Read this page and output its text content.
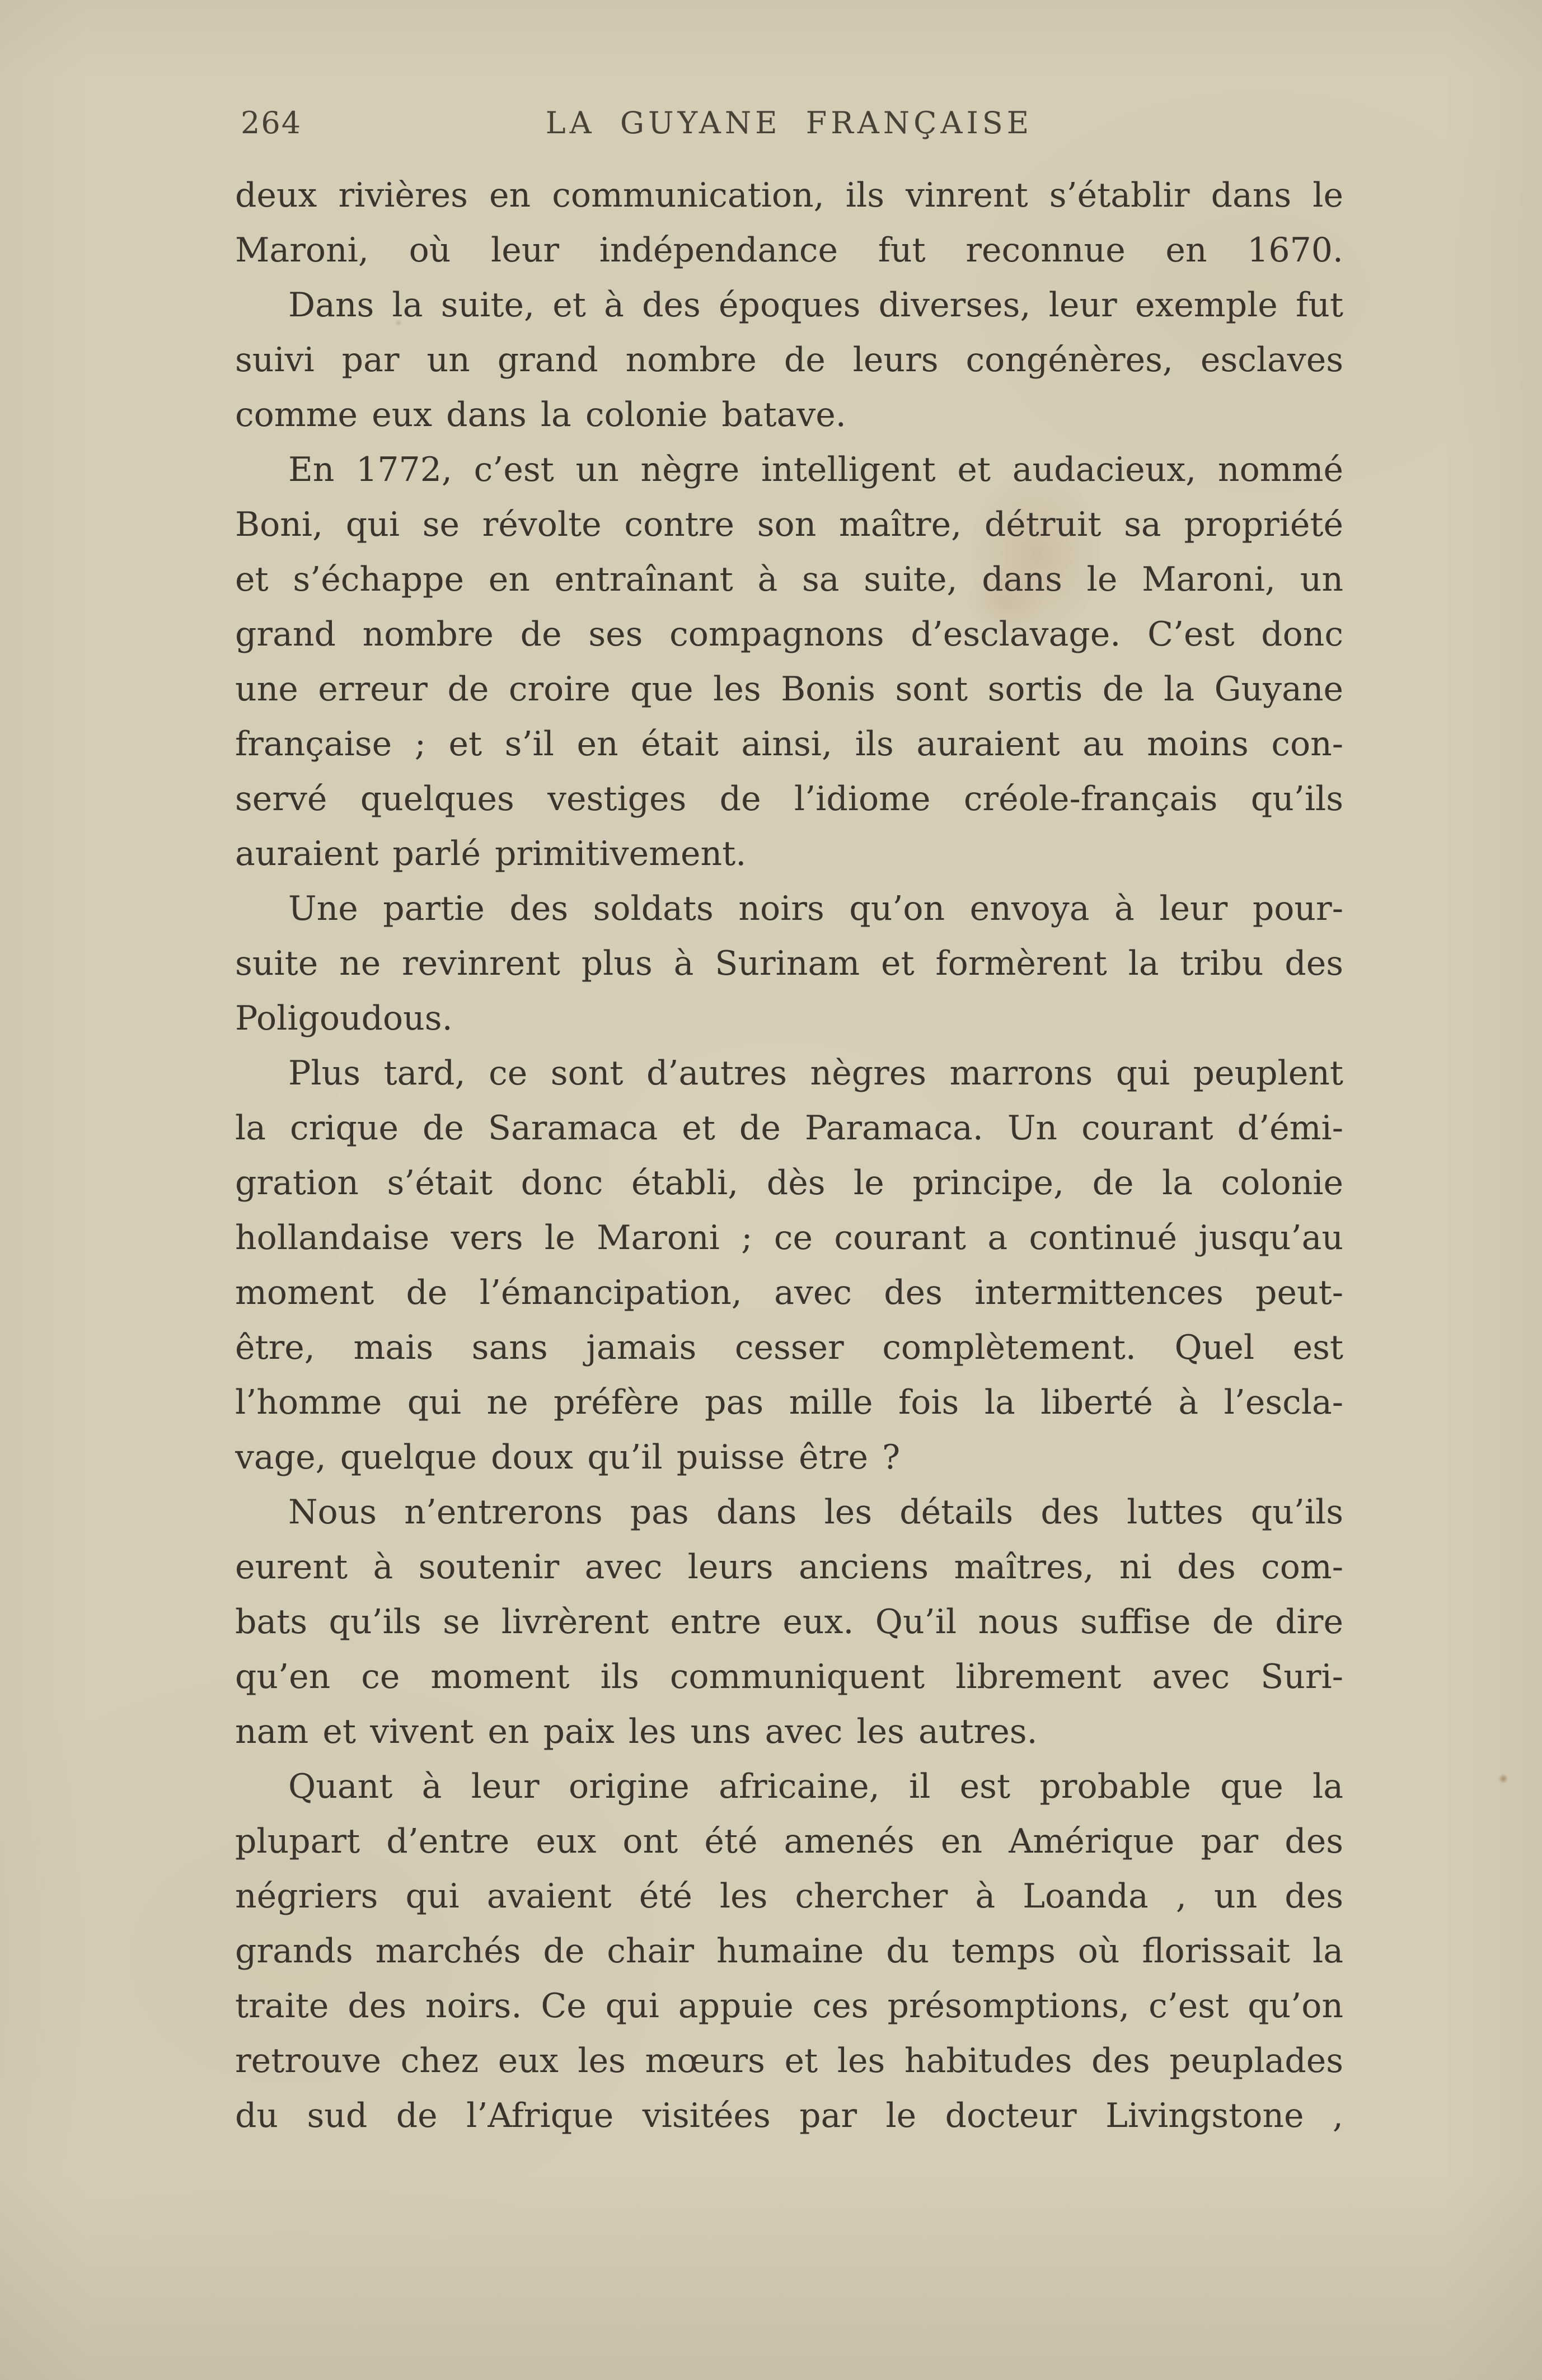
264	LA GUYANE FRANÇAISE
deux rivières en communication, ils vinrent s’établir dans le
Maroni, où leur indépendance fut reconnue en 1670.
Dans la suite, et à des époques diverses, leur exemple fut
suivi par un grand nombre de leurs congénères, esclaves
comme eux dans la colonie batave.
En 1772, c’est un nègre intelligent et audacieux, nommé
Boni, qui se révolte contre son maître, détruit sa propriété
et s’échappe en entraînant à sa suite, dans le Maroni, un
grand nombre de ses compagnons d’esclavage. C’est donc
une erreur de croire que les Bonis sont sortis de la Guyane
française ; et s’il en était ainsi, ils auraient au moins con-
servé quelques vestiges de l’idiome créole-français qu’ils
auraient parlé primitivement.
Une partie des soldats noirs qu’on envoya à leur pour-
suite ne revinrent plus à Surinam et formèrent la tribu des
Poligoudous.
Plus tard, ce sont d’autres nègres marrons qui peuplent
la crique de Saramaca et de Paramaca. Un courant d’émi-
gration s’était donc établi, dès le principe, de la colonie
hollandaise vers le Maroni ; ce courant a continué jusqu’au
moment de l’émancipation, avec des intermittences peut-
être, mais sans jamais cesser complètement. Quel est
l’homme qui ne préfère pas mille fois la liberté à l’escla-
vage, quelque doux qu’il puisse être ?
Nous n’entrerons pas dans les détails des luttes qu’ils
eurent à soutenir avec leurs anciens maîtres, ni des com-
bats qu’ils se livrèrent entre eux. Qu’il nous suffise de dire
qu’en ce moment ils communiquent librement avec Suri-
nam et vivent en paix les uns avec les autres.
Quant à leur origine africaine, il est probable que la
plupart d’entre eux ont été amenés en Amérique par des
négriers qui avaient été les chercher à Loanda , un des
grands marchés de chair humaine du temps où florissait la
traite des noirs. Ce qui appuie ces présomptions, c’est qu’on
retrouve chez eux les mœurs et les habitudes des peuplades
du sud de l’Afrique visitées par le docteur Livingstone ,
